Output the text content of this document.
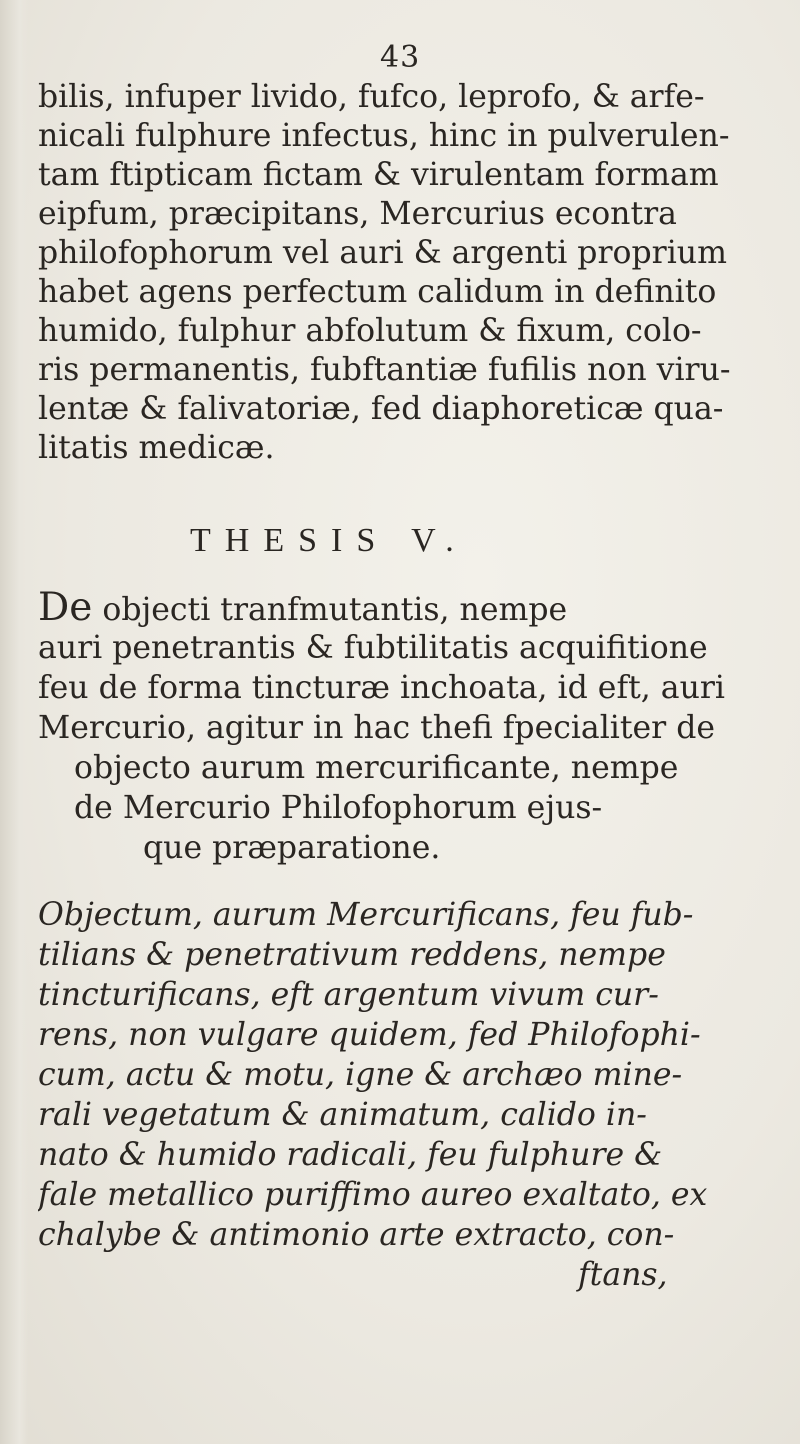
43
bilis, infuper livido, fufco, leprofo, & arfe-
nicali fulphure infectus, hinc in pulverulen-
tam ftipticam fictam & virulentam formam
eipfum, præcipitans, Mercurius econtra
philofophorum vel auri & argenti proprium
habet agens perfectum calidum in definito
humido, fulphur abfolutum & fixum, colo-
ris permanentis, fubftantiæ fufilis non viru-
lentæ & falivatoriæ, fed diaphoreticæ qua-
litatis medicæ.
THESIS V.
De objecti tranfmutantis, nempe
auri penetrantis & fubtilitatis acquifitione
feu de forma tincturæ inchoata, id eft, auri
Mercurio, agitur in hac thefi fpecialiter de
objecto aurum mercurificante, nempe
de Mercurio Philofophorum ejus-
que præparatione.
Objectum, aurum Mercurificans, feu fub-
tilians & penetrativum reddens, nempe
tincturificans, eft argentum vivum cur-
rens, non vulgare quidem, fed Philofophi-
cum, actu & motu, igne & archæo mine-
rali vegetatum & animatum, calido in-
nato & humido radicali, feu fulphure &
fale metallico puriffimo aureo exaltato, ex
chalybe & antimonio arte extracto, con-
ftans,
